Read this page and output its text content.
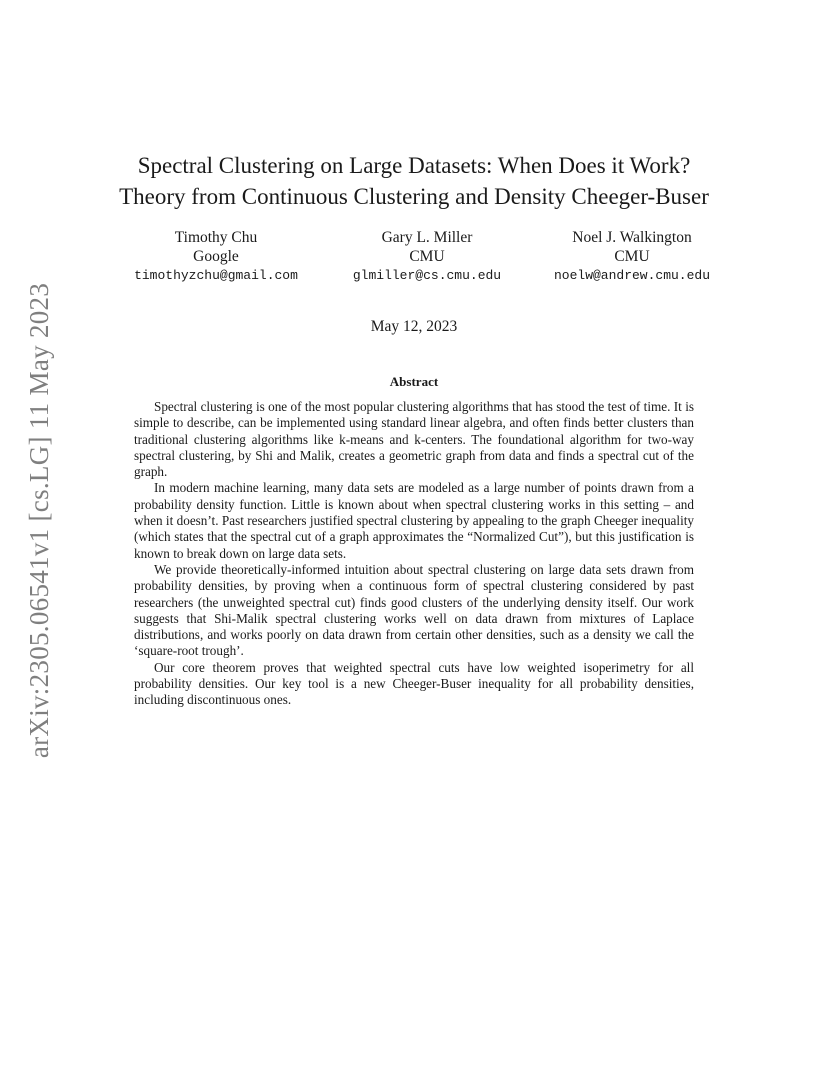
arXiv:2305.06541v1 [cs.LG] 11 May 2023
Spectral Clustering on Large Datasets: When Does it Work?
Theory from Continuous Clustering and Density Cheeger-Buser
Timothy Chu
Google
timothyzchu@gmail.com
Gary L. Miller
CMU
glmiller@cs.cmu.edu
Noel J. Walkington
CMU
noelw@andrew.cmu.edu
May 12, 2023
Abstract

Spectral clustering is one of the most popular clustering algorithms that has stood the test of time. It is simple to describe, can be implemented using standard linear algebra, and often finds better clusters than traditional clustering algorithms like k-means and k-centers. The foundational algorithm for two-way spectral clustering, by Shi and Malik, creates a geometric graph from data and finds a spectral cut of the graph.

In modern machine learning, many data sets are modeled as a large number of points drawn from a probability density function. Little is known about when spectral clustering works in this setting – and when it doesn’t. Past researchers justified spectral clustering by appealing to the graph Cheeger inequality (which states that the spectral cut of a graph approximates the “Normalized Cut”), but this justification is known to break down on large data sets.

We provide theoretically-informed intuition about spectral clustering on large data sets drawn from probability densities, by proving when a continuous form of spectral clustering considered by past researchers (the unweighted spectral cut) finds good clusters of the underlying density itself. Our work suggests that Shi-Malik spectral clustering works well on data drawn from mixtures of Laplace distributions, and works poorly on data drawn from certain other densities, such as a density we call the ‘square-root trough’.

Our core theorem proves that weighted spectral cuts have low weighted isoperimetry for all probability densities. Our key tool is a new Cheeger-Buser inequality for all probability densities, including discontinuous ones.
